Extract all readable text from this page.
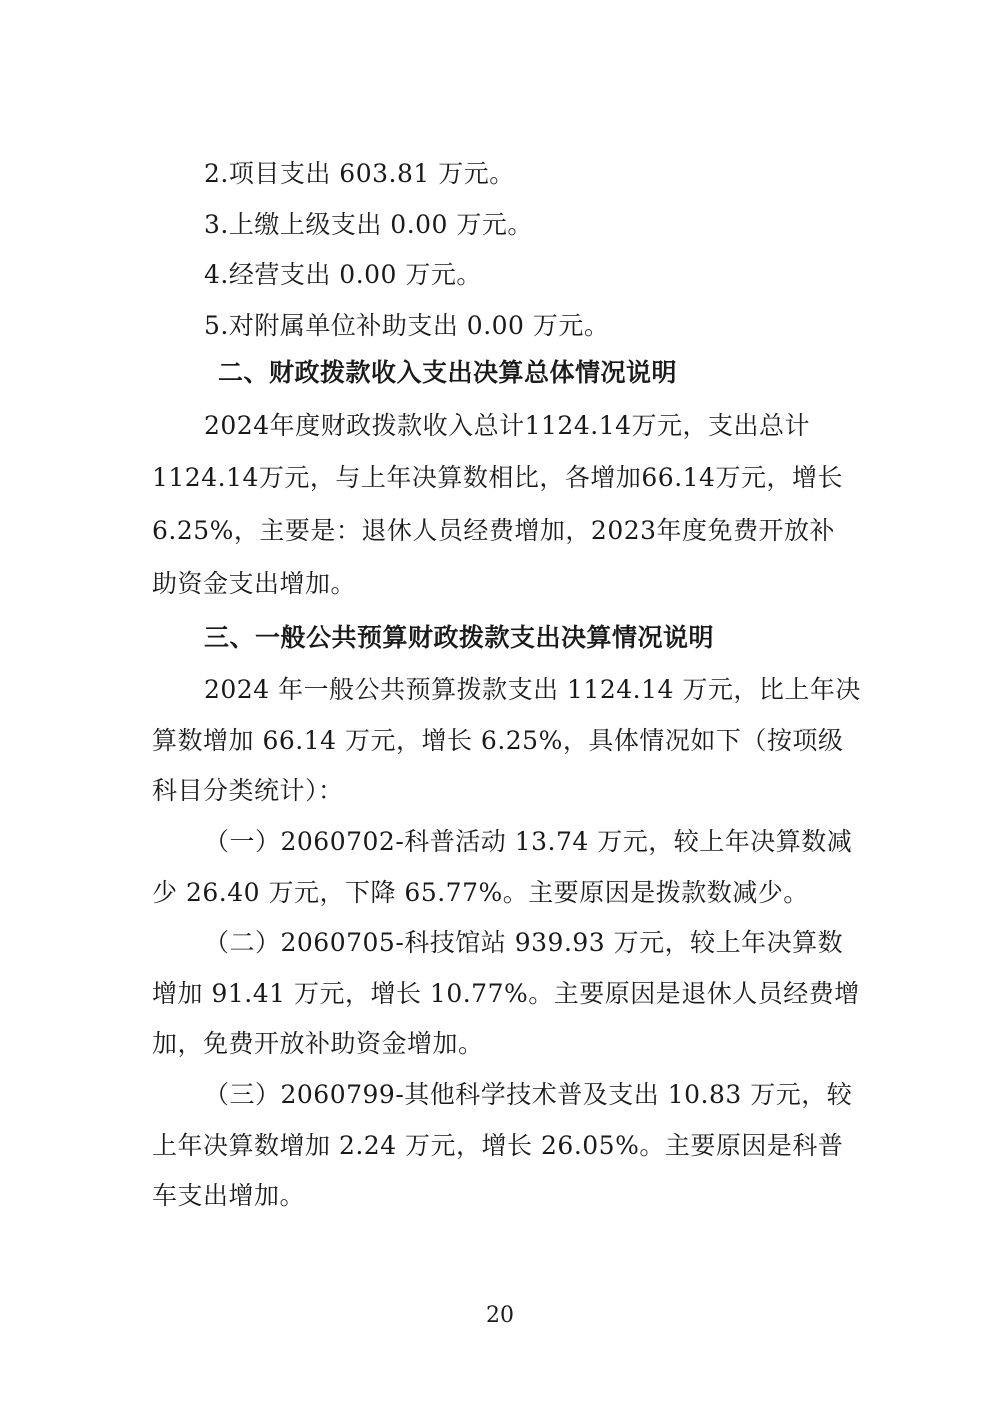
2.项目支出 603.81 万元。
3.上缴上级支出 0.00 万元。
4.经营支出 0.00 万元。
5.对附属单位补助支出 0.00 万元。
二、财政拨款收入支出决算总体情况说明
2024年度财政拨款收入总计1124.14万元，支出总计
1124.14万元，与上年决算数相比，各增加66.14万元，增长
6.25%，主要是：退休人员经费增加，2023年度免费开放补
助资金支出增加。
三、一般公共预算财政拨款支出决算情况说明
2024 年一般公共预算拨款支出 1124.14 万元，比上年决
算数增加 66.14 万元，增长 6.25%，具体情况如下（按项级
科目分类统计）：
（一）2060702-科普活动 13.74 万元，较上年决算数减
少 26.40 万元，下降 65.77%。主要原因是拨款数减少。
（二）2060705-科技馆站 939.93 万元，较上年决算数
增加 91.41 万元，增长 10.77%。主要原因是退休人员经费增
加，免费开放补助资金增加。
（三）2060799-其他科学技术普及支出 10.83 万元，较
上年决算数增加 2.24 万元，增长 26.05%。主要原因是科普
车支出增加。
20
